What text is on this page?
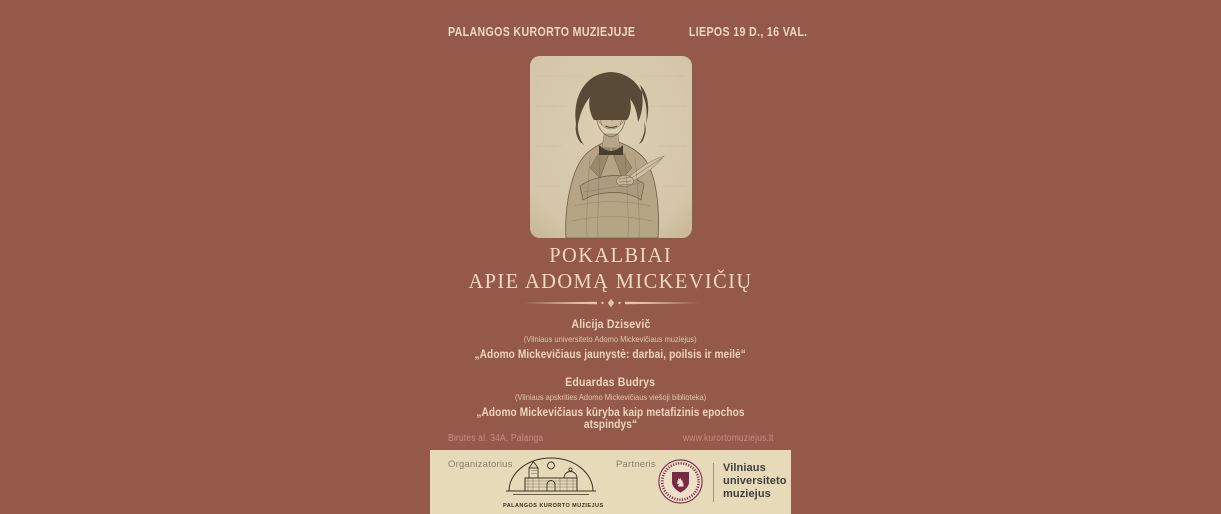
PALANGOS KURORTO MUZIEJUJE	LIEPOS 19 D., 16 VAL.
POKALBIAI
APIE ADOMĄ MICKEVIČIŲ
Alicija Dzisevič
(Vilniaus universiteto Adomo Mickevičiaus muziejus)
„Adomo Mickevičiaus jaunystė: darbai, poilsis ir meilė“
Eduardas Budrys
(Vilniaus apskrities Adomo Mickevičiaus viešoji biblioteka)
„Adomo Mickevičiaus kūryba kaip metafizinis epochos atspindys“
Birutės al. 34A, Palanga	www.kurortomuziejus.lt
Organizatorius
PALANGOS KURORTO MUZIEJUS
Partneris
♞
Vilniaus
universiteto
muziejus
